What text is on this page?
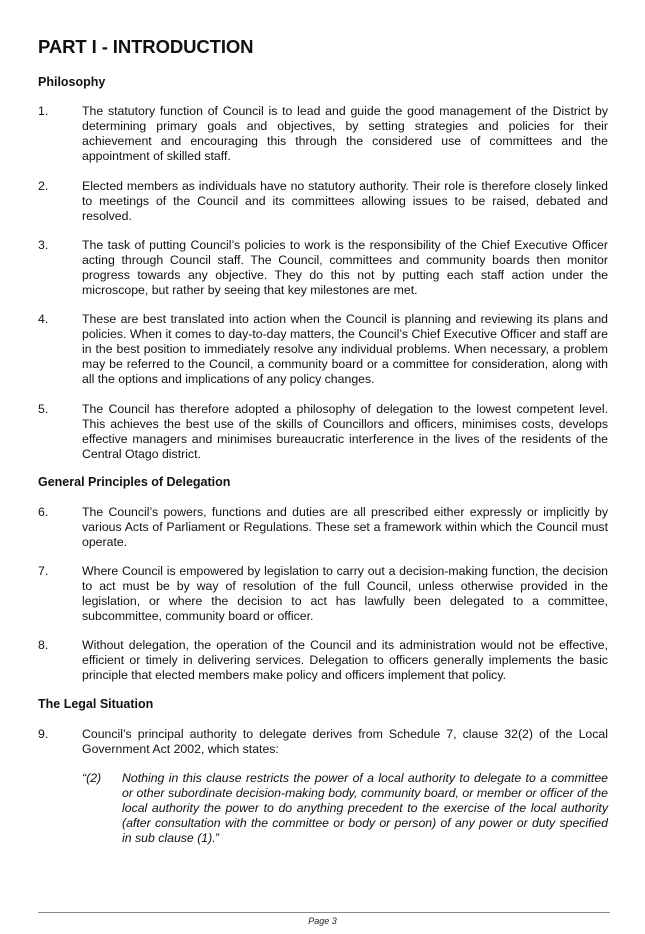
PART I - INTRODUCTION
Philosophy
1.	The statutory function of Council is to lead and guide the good management of the District by determining primary goals and objectives, by setting strategies and policies for their achievement and encouraging this through the considered use of committees and the appointment of skilled staff.
2.	Elected members as individuals have no statutory authority. Their role is therefore closely linked to meetings of the Council and its committees allowing issues to be raised, debated and resolved.
3.	The task of putting Council’s policies to work is the responsibility of the Chief Executive Officer acting through Council staff. The Council, committees and community boards then monitor progress towards any objective. They do this not by putting each staff action under the microscope, but rather by seeing that key milestones are met.
4.	These are best translated into action when the Council is planning and reviewing its plans and policies. When it comes to day-to-day matters, the Council’s Chief Executive Officer and staff are in the best position to immediately resolve any individual problems. When necessary, a problem may be referred to the Council, a community board or a committee for consideration, along with all the options and implications of any policy changes.
5.	The Council has therefore adopted a philosophy of delegation to the lowest competent level. This achieves the best use of the skills of Councillors and officers, minimises costs, develops effective managers and minimises bureaucratic interference in the lives of the residents of the Central Otago district.
General Principles of Delegation
6.	The Council’s powers, functions and duties are all prescribed either expressly or implicitly by various Acts of Parliament or Regulations. These set a framework within which the Council must operate.
7.	Where Council is empowered by legislation to carry out a decision-making function, the decision to act must be by way of resolution of the full Council, unless otherwise provided in the legislation, or where the decision to act has lawfully been delegated to a committee, subcommittee, community board or officer.
8.	Without delegation, the operation of the Council and its administration would not be effective, efficient or timely in delivering services. Delegation to officers generally implements the basic principle that elected members make policy and officers implement that policy.
The Legal Situation
9.	Council’s principal authority to delegate derives from Schedule 7, clause 32(2) of the Local Government Act 2002, which states:
“(2) Nothing in this clause restricts the power of a local authority to delegate to a committee or other subordinate decision-making body, community board, or member or officer of the local authority the power to do anything precedent to the exercise of the local authority (after consultation with the committee or body or person) of any power or duty specified in sub clause (1).”
Page 3
